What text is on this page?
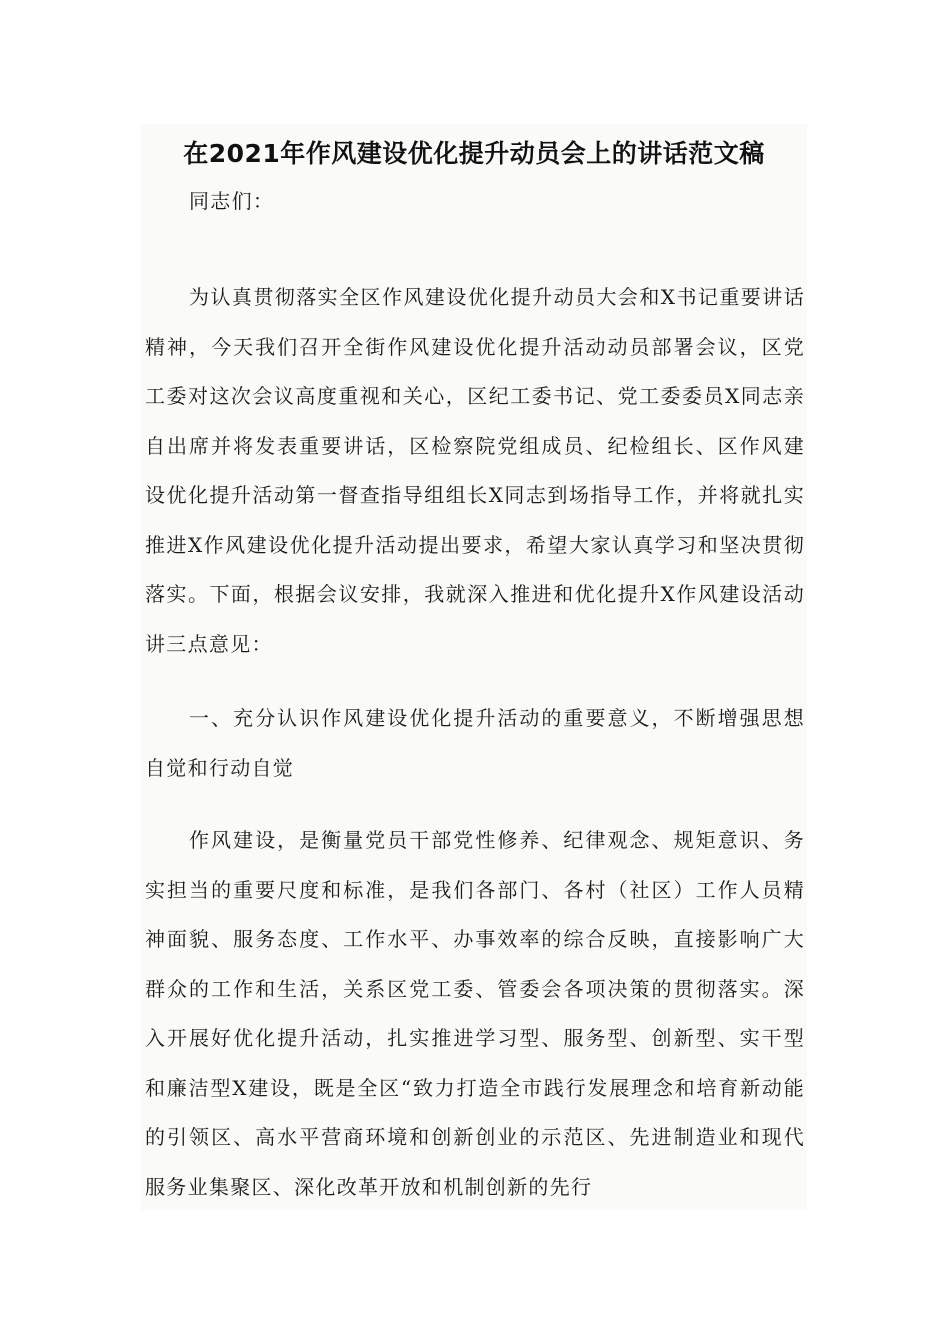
在2021年作风建设优化提升动员会上的讲话范文稿

同志们：

为认真贯彻落实全区作风建设优化提升动员大会和X书记重要讲话精神，今天我们召开全街作风建设优化提升活动动员部署会议，区党工委对这次会议高度重视和关心，区纪工委书记、党工委委员X同志亲自出席并将发表重要讲话，区检察院党组成员、纪检组长、区作风建设优化提升活动第一督查指导组组长X同志到场指导工作，并将就扎实推进X作风建设优化提升活动提出要求，希望大家认真学习和坚决贯彻落实。下面，根据会议安排，我就深入推进和优化提升X作风建设活动讲三点意见：

一、充分认识作风建设优化提升活动的重要意义，不断增强思想自觉和行动自觉

作风建设，是衡量党员干部党性修养、纪律观念、规矩意识、务实担当的重要尺度和标准，是我们各部门、各村（社区）工作人员精神面貌、服务态度、工作水平、办事效率的综合反映，直接影响广大群众的工作和生活，关系区党工委、管委会各项决策的贯彻落实。深入开展好优化提升活动，扎实推进学习型、服务型、创新型、实干型和廉洁型X建设，既是全区“致力打造全市践行发展理念和培育新动能的引领区、高水平营商环境和创新创业的示范区、先进制造业和现代服务业集聚区、深化改革开放和机制创新的先行
